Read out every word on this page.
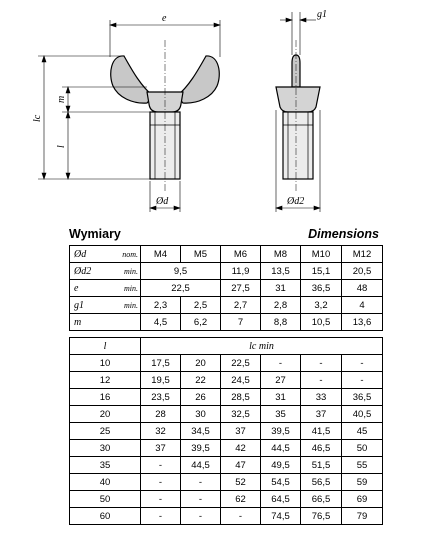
e
lc
m
l
Ød
g1
Ød2
Wymiary	Dimensions
Ød	nom.	M4	M5	M6	M8	M10	M12
Ød2	min.	9,5		11,9	13,5	15,1	20,5
e	min.	22,5		27,5	31	36,5	48
g1	min.	2,3	2,5	2,7	2,8	3,2	4
m		4,5	6,2	7	8,8	10,5	13,6
l	lc min					
10	17,5	20	22,5	-	-	-
12	19,5	22	24,5	27	-	-
16	23,5	26	28,5	31	33	36,5
20	28	30	32,5	35	37	40,5
25	32	34,5	37	39,5	41,5	45
30	37	39,5	42	44,5	46,5	50
35	-	44,5	47	49,5	51,5	55
40	-	-	52	54,5	56,5	59
50	-	-	62	64,5	66,5	69
60	-	-	-	74,5	76,5	79
